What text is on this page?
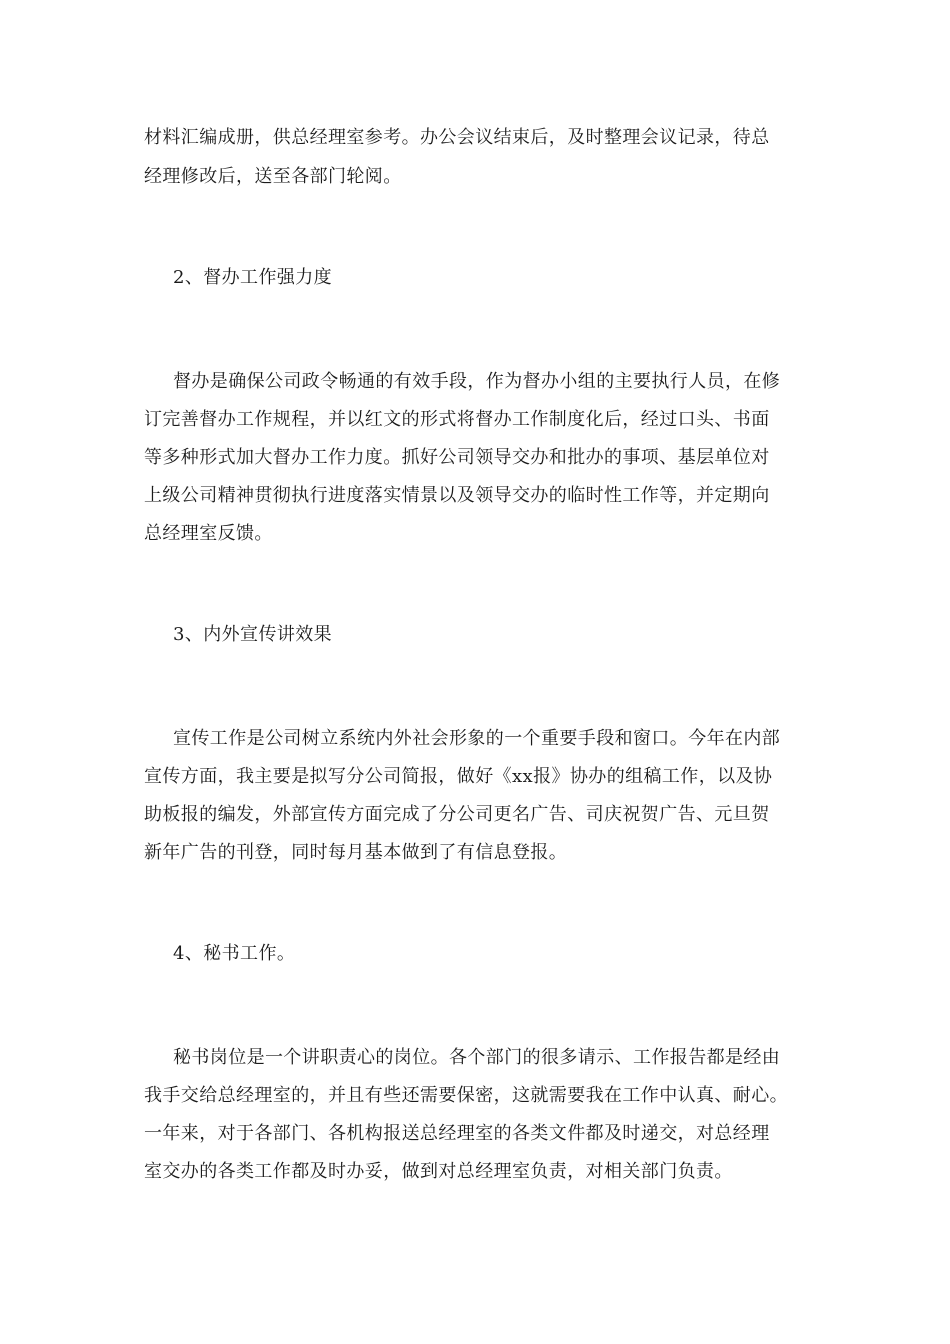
材料汇编成册，供总经理室参考。办公会议结束后，及时整理会议记录，待总
经理修改后，送至各部门轮阅。
2、督办工作强力度
督办是确保公司政令畅通的有效手段，作为督办小组的主要执行人员，在修
订完善督办工作规程，并以红文的形式将督办工作制度化后，经过口头、书面
等多种形式加大督办工作力度。抓好公司领导交办和批办的事项、基层单位对
上级公司精神贯彻执行进度落实情景以及领导交办的临时性工作等，并定期向
总经理室反馈。
3、内外宣传讲效果
宣传工作是公司树立系统内外社会形象的一个重要手段和窗口。今年在内部
宣传方面，我主要是拟写分公司简报，做好《xx报》协办的组稿工作，以及协
助板报的编发，外部宣传方面完成了分公司更名广告、司庆祝贺广告、元旦贺
新年广告的刊登，同时每月基本做到了有信息登报。
4、秘书工作。
秘书岗位是一个讲职责心的岗位。各个部门的很多请示、工作报告都是经由
我手交给总经理室的，并且有些还需要保密，这就需要我在工作中认真、耐心。
一年来，对于各部门、各机构报送总经理室的各类文件都及时递交，对总经理
室交办的各类工作都及时办妥，做到对总经理室负责，对相关部门负责。
